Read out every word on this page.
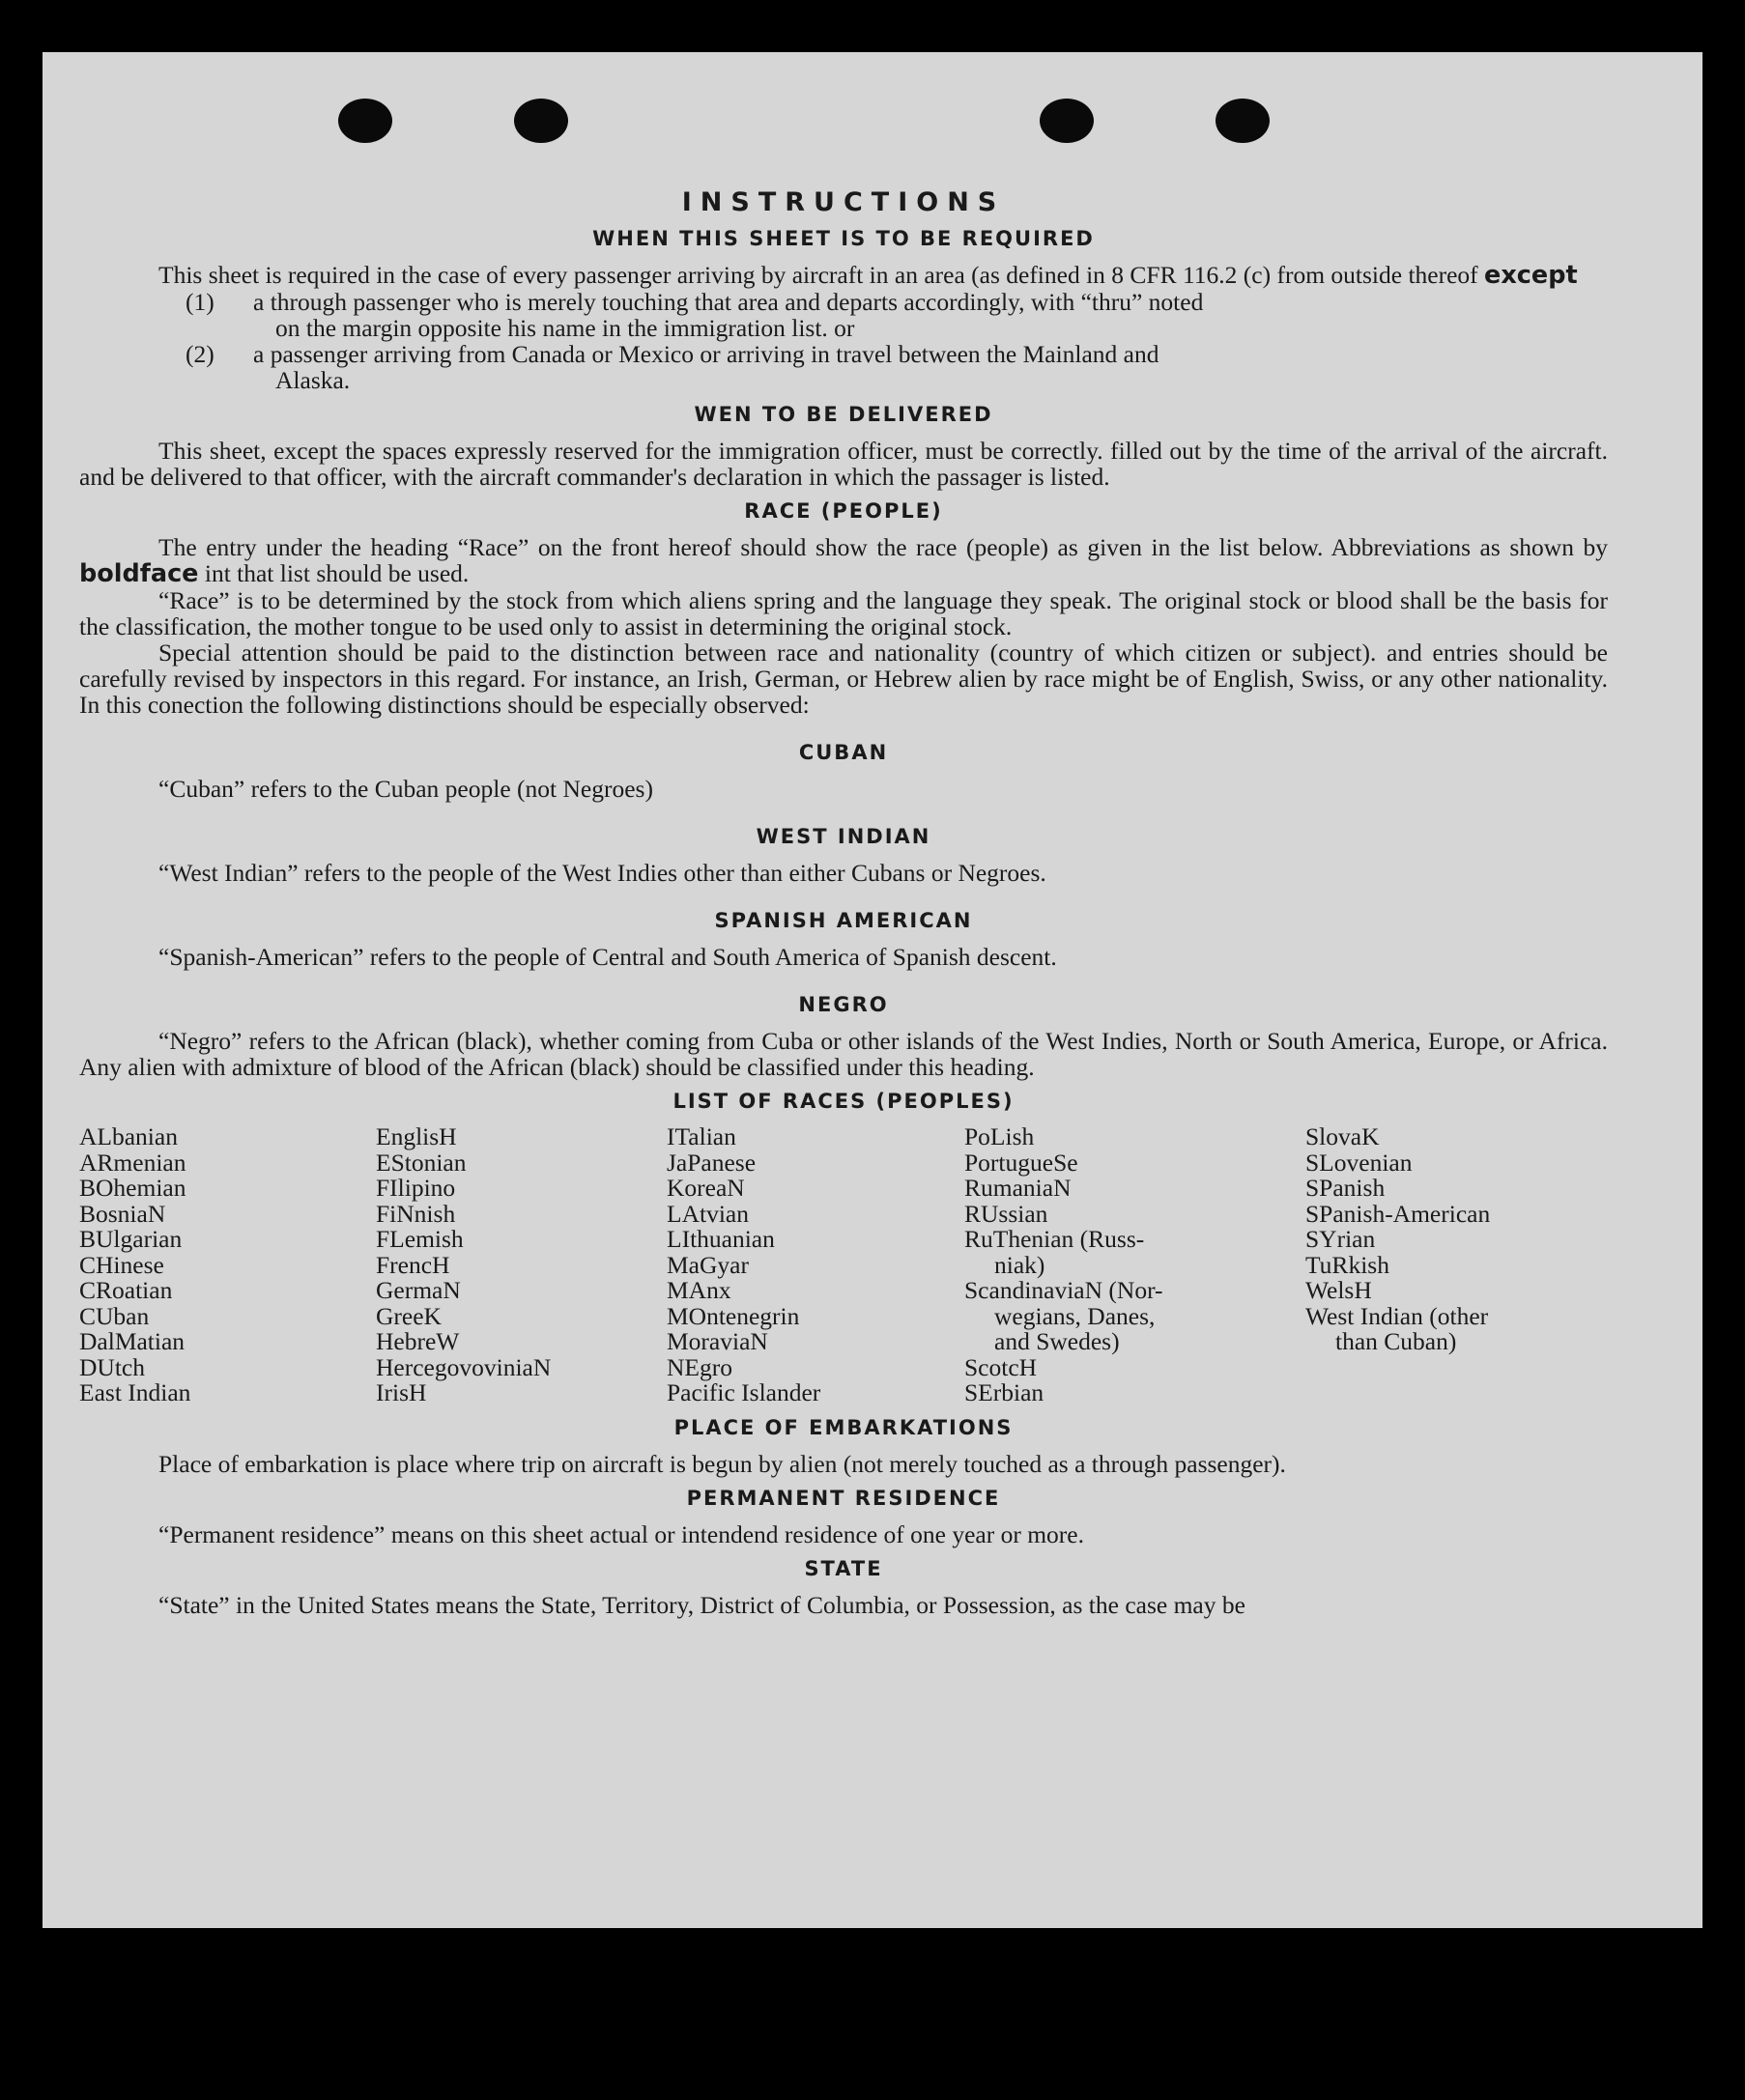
INSTRUCTIONS
WHEN THIS SHEET IS TO BE REQUIRED

This sheet is required in the case of every passenger arriving by aircraft in an area (as defined in 8 CFR 116.2 (c) from outside thereof except

(1)	a through passenger who is merely touching that area and departs accordingly, with “thru” noted
on the margin opposite his name in the immigration list. or
(2)	a passenger arriving from Canada or Mexico or arriving in travel between the Mainland and
Alaska.
WEN TO BE DELIVERED

This sheet, except the spaces expressly reserved for the immigration officer, must be correctly. filled out by the time of the arrival of the aircraft. and be delivered to that officer, with the aircraft commander's declaration in which the passager is listed.

RACE (PEOPLE)

The entry under the heading “Race” on the front hereof should show the race (people) as given in the list below. Abbreviations as shown by boldface int that list should be used.

“Race” is to be determined by the stock from which aliens spring and the language they speak. The original stock or blood shall be the basis for the classification, the mother tongue to be used only to assist in determining the original stock.

Special attention should be paid to the distinction between race and nationality (country of which citizen or subject). and entries should be carefully revised by inspectors in this regard. For instance, an Irish, German, or Hebrew alien by race might be of English, Swiss, or any other nationality. In this conection the following distinctions should be especially observed:

CUBAN

“Cuban” refers to the Cuban people (not Negroes)

WEST INDIAN

“West Indian” refers to the people of the West Indies other than either Cubans or Negroes.

SPANISH AMERICAN

“Spanish-American” refers to the people of Central and South America of Spanish descent.

NEGRO

“Negro” refers to the African (black), whether coming from Cuba or other islands of the West Indies, North or South America, Europe, or Africa. Any alien with admixture of blood of the African (black) should be classified under this heading.

LIST OF RACES (PEOPLES)
ALbanian
ARmenian
BOhemian
BosniaN
BUlgarian
CHinese
CRoatian
CUban
DalMatian
DUtch
East Indian
EnglisH
EStonian
FIlipino
FiNnish
FLemish
FrencH
GermaN
GreeK
HebreW
HercegovoviniaN
IrisH
ITalian
JaPanese
KoreaN
LAtvian
LIthuanian
MaGyar
MAnx
MOntenegrin
MoraviaN
NEgro
Pacific Islander
PoLish
PortugueSe
RumaniaN
RUssian
RuThenian (Russ-
niak)
ScandinaviaN (Nor-
wegians, Danes,
and Swedes)
ScotcH
SErbian
SlovaK
SLovenian
SPanish
SPanish-American
SYrian
TuRkish
WelsH
West Indian (other
than Cuban)
PLACE OF EMBARKATIONS

Place of embarkation is place where trip on aircraft is begun by alien (not merely touched as a through passenger).

PERMANENT RESIDENCE

“Permanent residence” means on this sheet actual or intendend residence of one year or more.

STATE

“State” in the United States means the State, Territory, District of Columbia, or Possession, as the case may be
